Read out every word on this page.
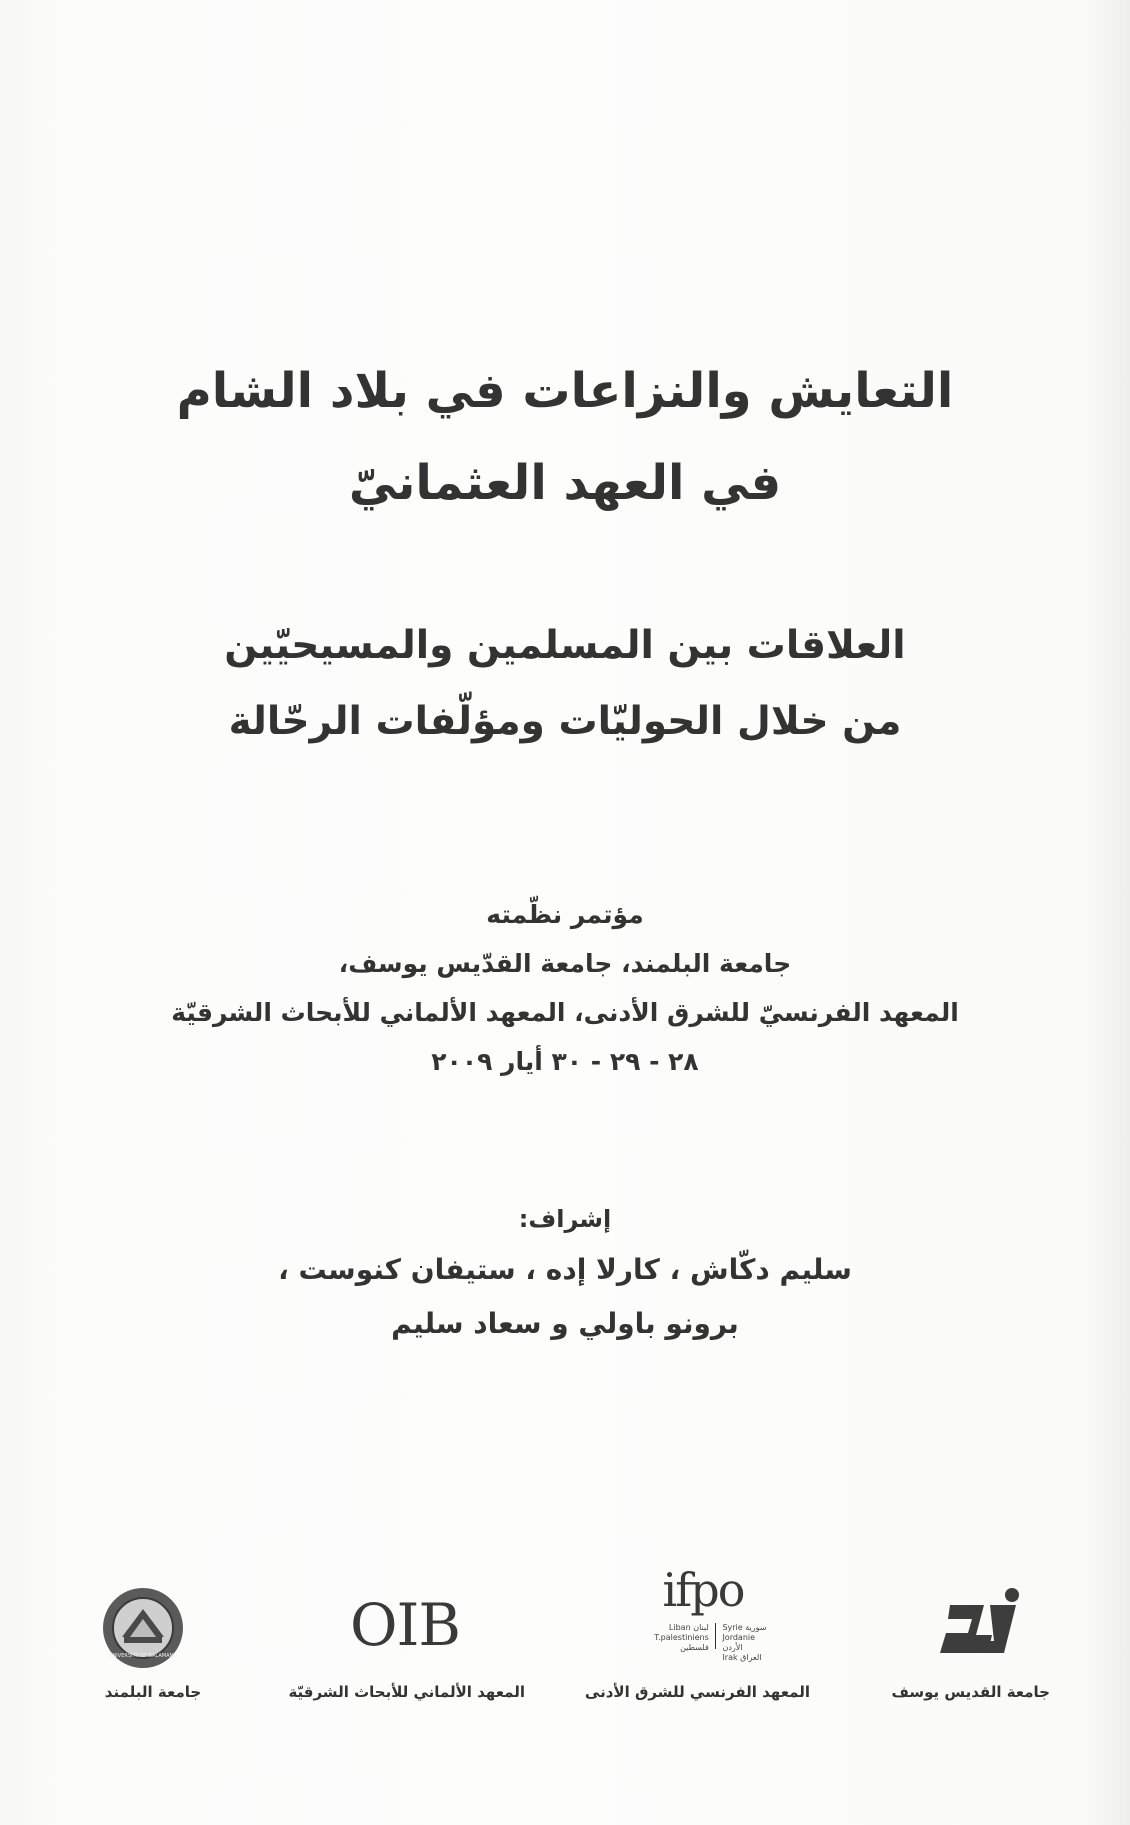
التعايش والنزاعات في بلاد الشام

في العهد العثمانيّ

العلاقات بين المسلمين والمسيحيّين

من خلال الحوليّات ومؤلّفات الرحّالة

مؤتمر نظّمته

جامعة البلمند، جامعة القدّيس يوسف،

المعهد الفرنسيّ للشرق الأدنى، المعهد الألماني للأبحاث الشرقيّة

٢٨ - ٢٩ - ٣٠ أيار ٢٠٠٩

إشراف:

سليم دكّاش ، كارلا إده ، ستيفان كنوست ،

برونو باولي و سعاد سليم

UNIVERSITY OF BALAMAND
جامعة البلمند
OIB
المعهد الألماني للأبحاث الشرقيّة
ifpo
Liban لبنان
T.palestiniens فلسطين
Syrie سورية
Jordanie الأردن
Irak العراق
المعهد الفرنسي للشرق الأدنى	جامعة القديس يوسف
